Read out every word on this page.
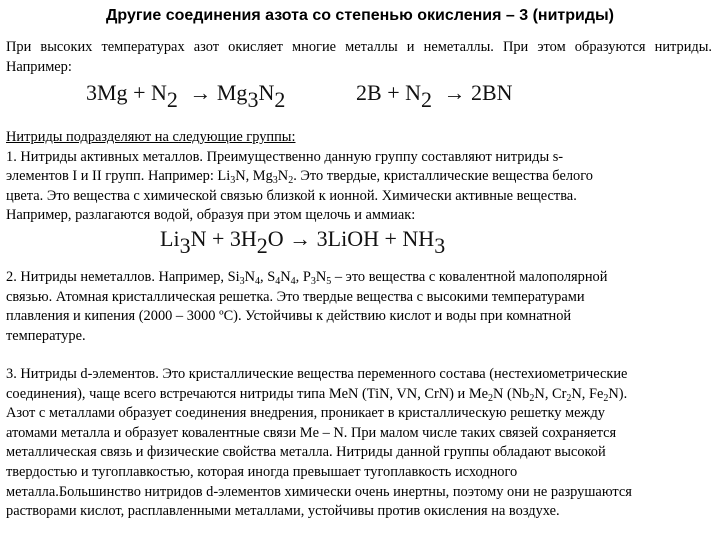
Другие соединения азота со степенью окисления – 3 (нитриды)
При высоких температурах азот окисляет многие металлы и неметаллы. При этом образуются нитриды. Например:
3Mg + N2 → Mg3N2	2B + N2 → 2BN
Нитриды подразделяют на следующие группы:
1. Нитриды активных металлов. Преимущественно данную группу составляют нитриды s-
элементов I и II групп. Например: $Li_3N$, $Mg_3N_2$. Это твердые, кристаллические вещества белого
цвета. Это вещества с химической связью близкой к ионной. Химически активные вещества.
Например, разлагаются водой, образуя при этом щелочь и аммиак:
Li3N + 3H2O → 3LiOH + NH3
2. Нитриды неметаллов. Например, $Si_3N_4$, $S_4N_4$, $P_3N_5$ – это вещества с ковалентной малополярной
связью. Атомная кристаллическая решетка. Это твердые вещества с высокими температурами
плавления и кипения (2000 – 3000 ºС). Устойчивы к действию кислот и воды при комнатной
температуре.
3. Нитриды d-элементов. Это кристаллические вещества переменного состава (нестехиометрические
соединения), чаще всего встречаются нитриды типа MeN (TiN, VN, CrN) и $Me_2N$ ($Nb_2N$, $Cr_2N$, $Fe_2N$).
Азот с металлами образует соединения внедрения, проникает в кристаллическую решетку между
атомами металла и образует ковалентные связи Me – N. При малом числе таких связей сохраняется
металлическая связь и физические свойства металла. Нитриды данной группы обладают высокой
твердостью и тугоплавкостью, которая иногда превышает тугоплавкость исходного
металла.Большинство нитридов d-элементов химически очень инертны, поэтому они не разрушаются
растворами кислот, расплавленными металлами, устойчивы против окисления на воздухе.
